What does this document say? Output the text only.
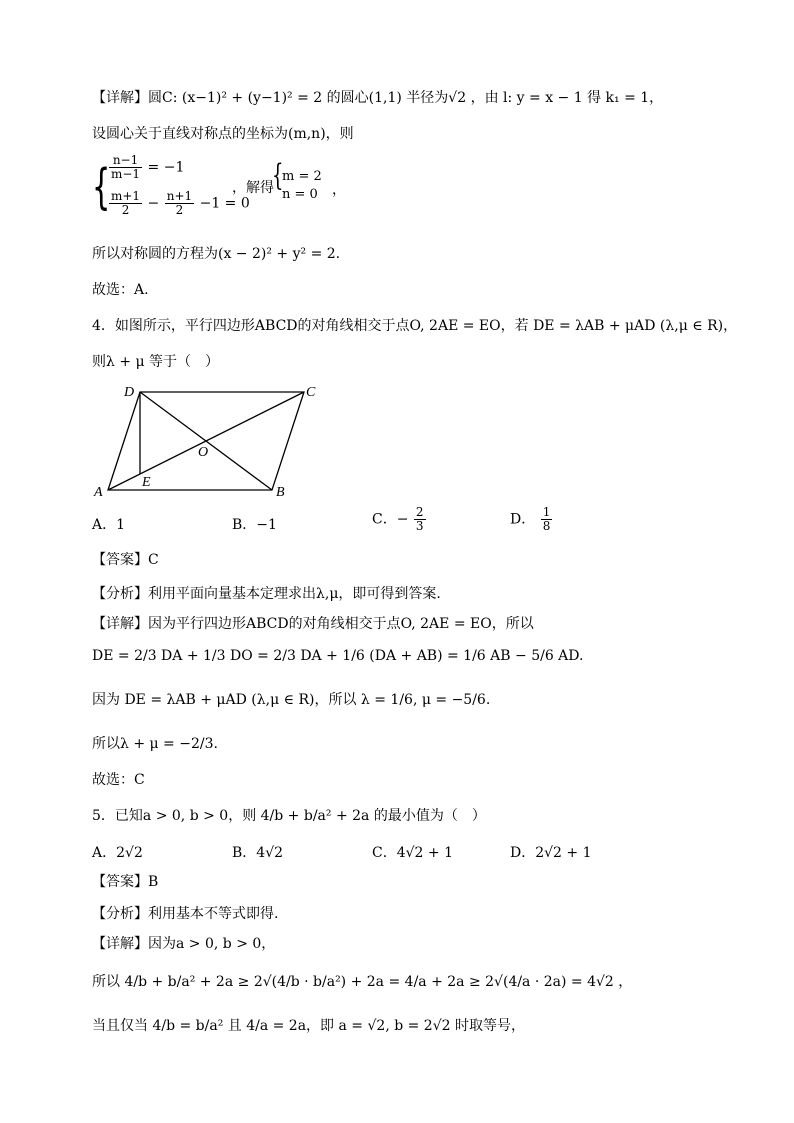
【详解】圆C: (x−1)² + (y−1)² = 2 的圆心(1,1) 半径为√2 ，由 l: y = x − 1 得 k₁ = 1，
设圆心关于直线对称点的坐标为(m,n)，则
{
$\frac{n-1}{m-1} = -1$
$\frac{m+1}{2} - \frac{n+1}{2} -1 = 0$
，解得
{
m = 2
n = 0 ，
所以对称圆的方程为(x − 2)² + y² = 2.
故选：A.
4．如图所示，平行四边形ABCD的对角线相交于点O, 2AE = EO，若 DE = λAB + μAD (λ,μ ∈ R)，
则λ + μ 等于（　）
A	B
C
D
E
O
A．1	B．−1	C．− $\frac{2}{3}$	D． $\frac{1}{8}$
【答案】C
【分析】利用平面向量基本定理求出λ,μ，即可得到答案.
【详解】因为平行四边形ABCD的对角线相交于点O, 2AE = EO，所以
DE = 2/3 DA + 1/3 DO = 2/3 DA + 1/6 (DA + AB) = 1/6 AB − 5/6 AD.
因为 DE = λAB + μAD (λ,μ ∈ R)，所以 λ = 1/6, μ = −5/6.
所以λ + μ = −2/3.
故选：C
5．已知a > 0, b > 0，则 4/b + b/a² + 2a 的最小值为（　）
A．2√2	B．4√2	C．4√2 + 1	D．2√2 + 1
【答案】B
【分析】利用基本不等式即得.
【详解】因为a > 0, b > 0，
所以 4/b + b/a² + 2a ≥ 2√(4/b · b/a²) + 2a = 4/a + 2a ≥ 2√(4/a · 2a) = 4√2 ，
当且仅当 4/b = b/a² 且 4/a = 2a，即 a = √2, b = 2√2 时取等号，
